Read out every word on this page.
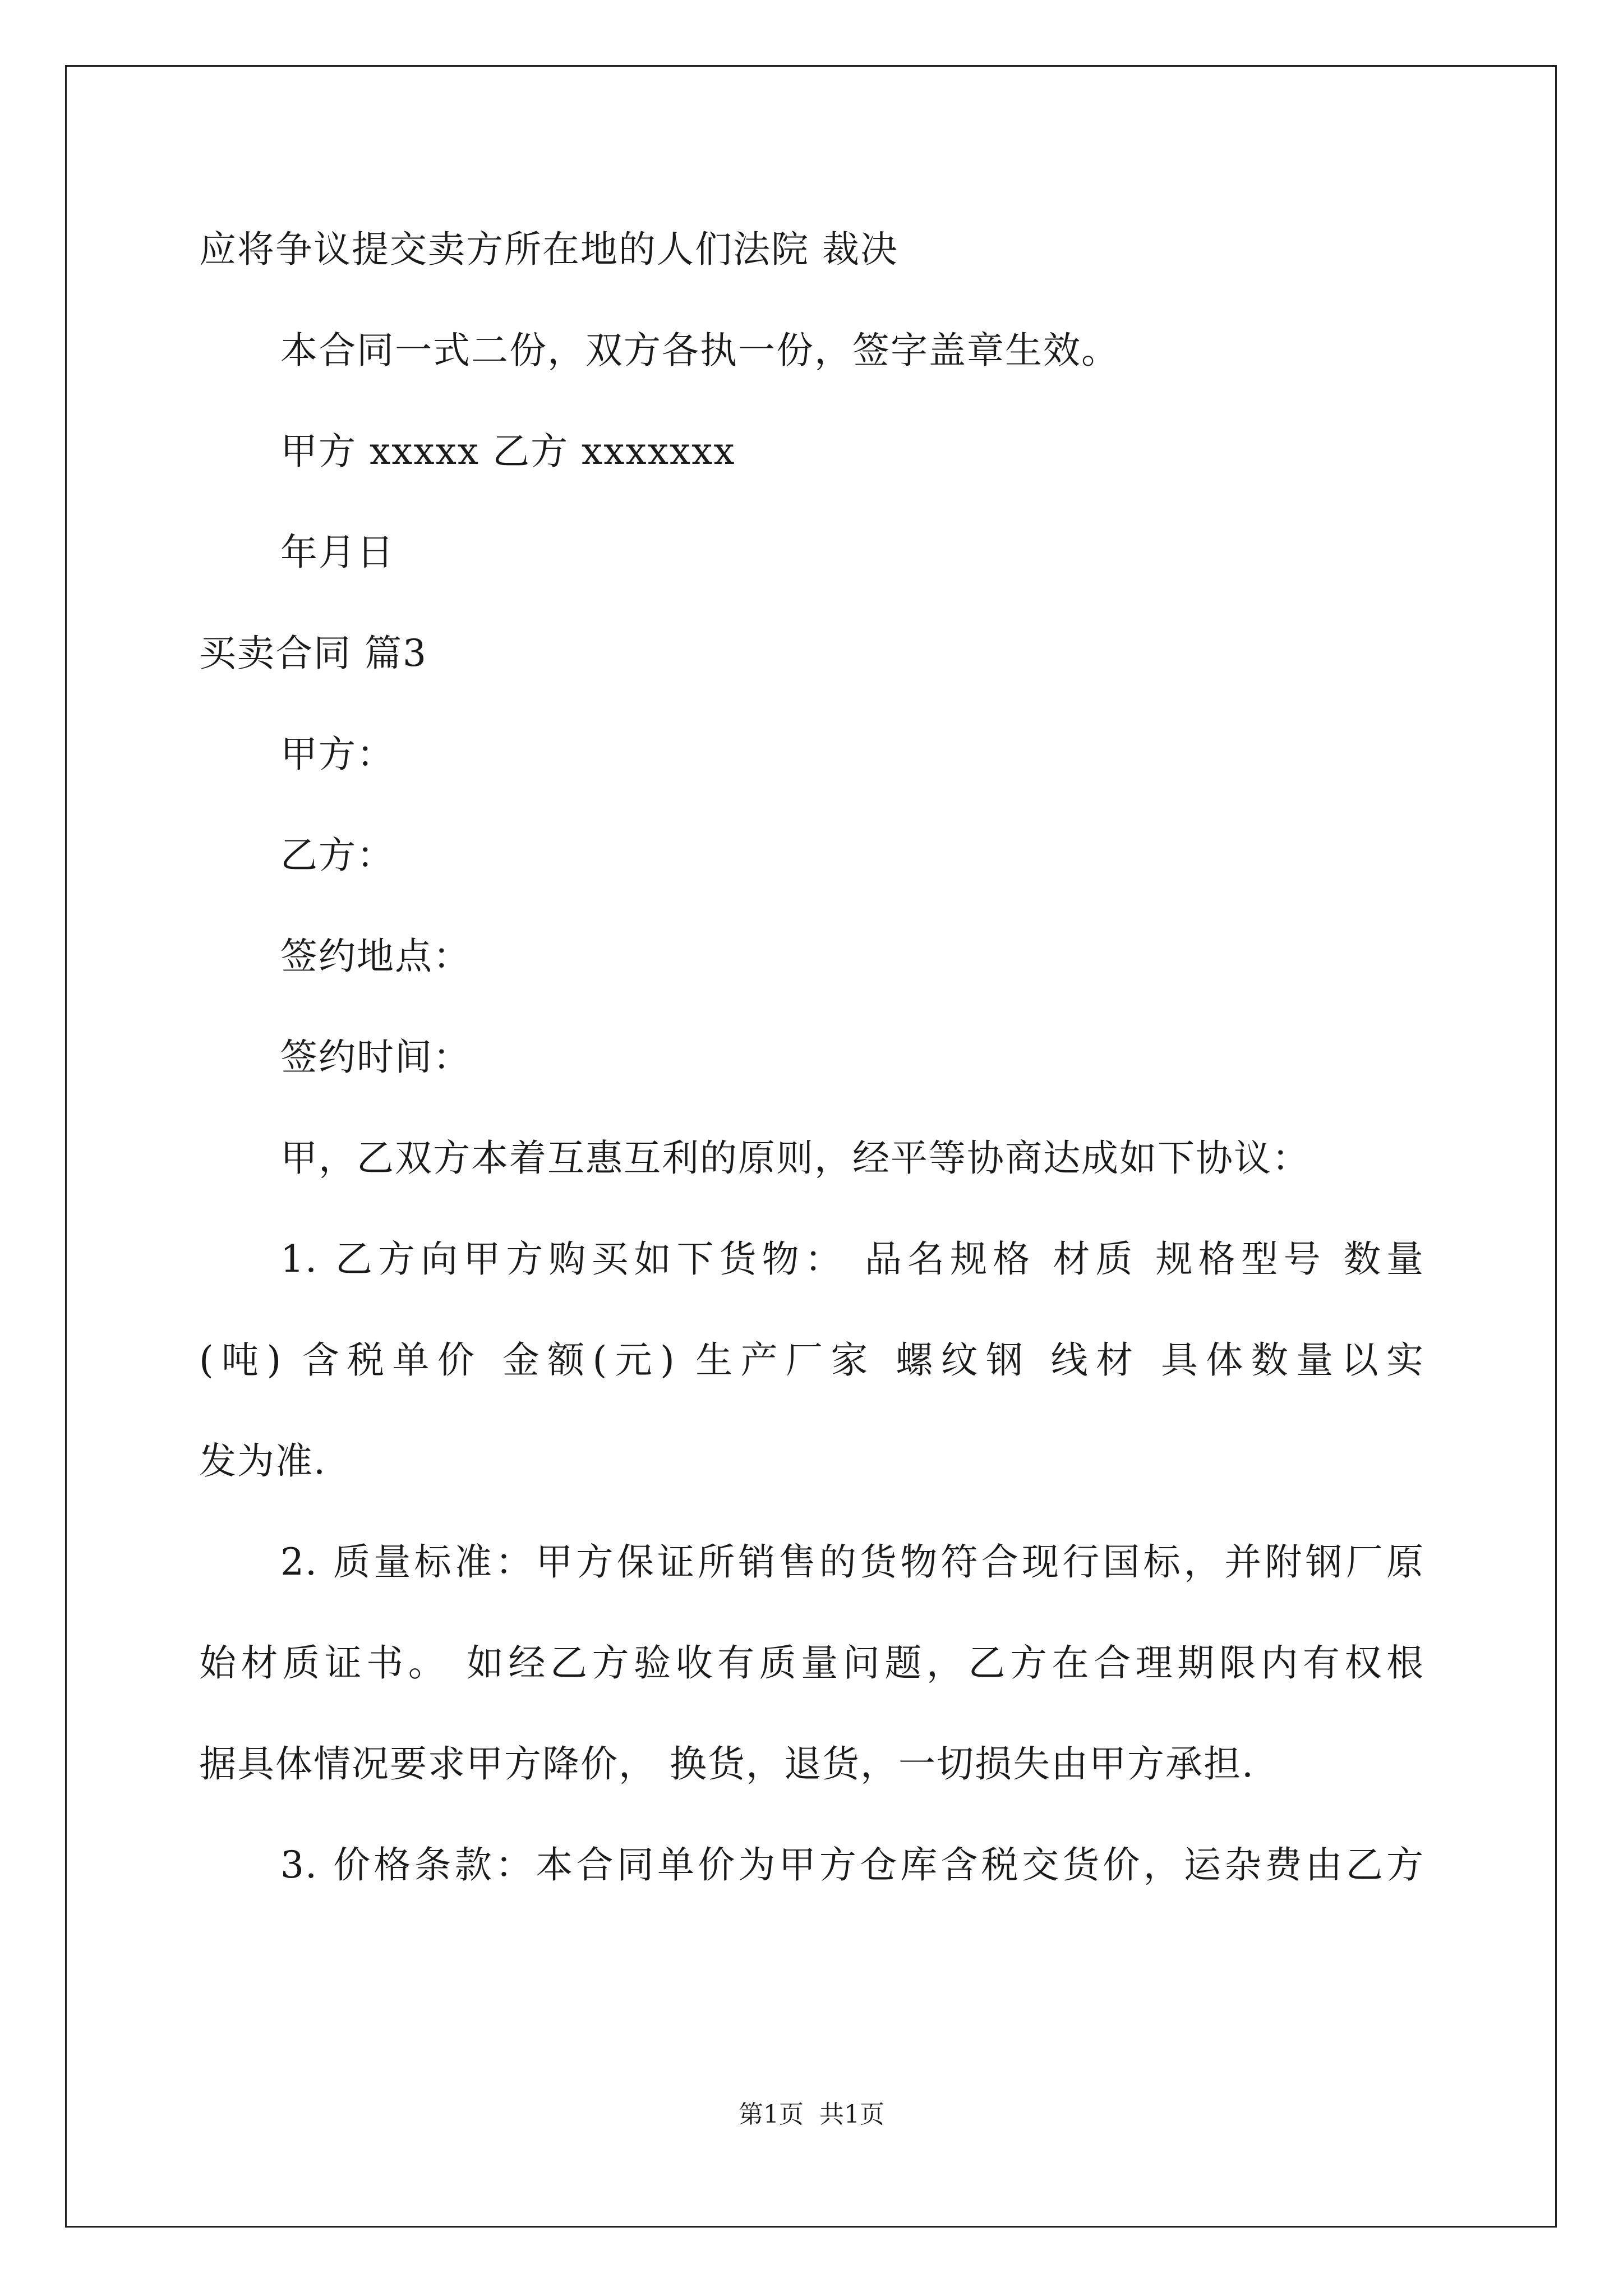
应将争议提交卖方所在地的人们法院 裁决
本合同一式二份，双方各执一份，签字盖章生效。
甲方 xxxxx 乙方 xxxxxxx
年月日
买卖合同 篇3
甲方：
乙方：
签约地点：
签约时间：
甲，乙双方本着互惠互利的原则，经平等协商达成如下协议：
1. 乙方向甲方购买如下货物： 品名规格 材质 规格型号 数量
(吨) 含税单价 金额(元) 生产厂家 螺纹钢 线材 具体数量以实
发为准.
2. 质量标准：甲方保证所销售的货物符合现行国标，并附钢厂原
始材质证书。 如经乙方验收有质量问题，乙方在合理期限内有权根
据具体情况要求甲方降价， 换货，退货，一切损失由甲方承担.
3. 价格条款：本合同单价为甲方仓库含税交货价，运杂费由乙方
第1页  共1页
